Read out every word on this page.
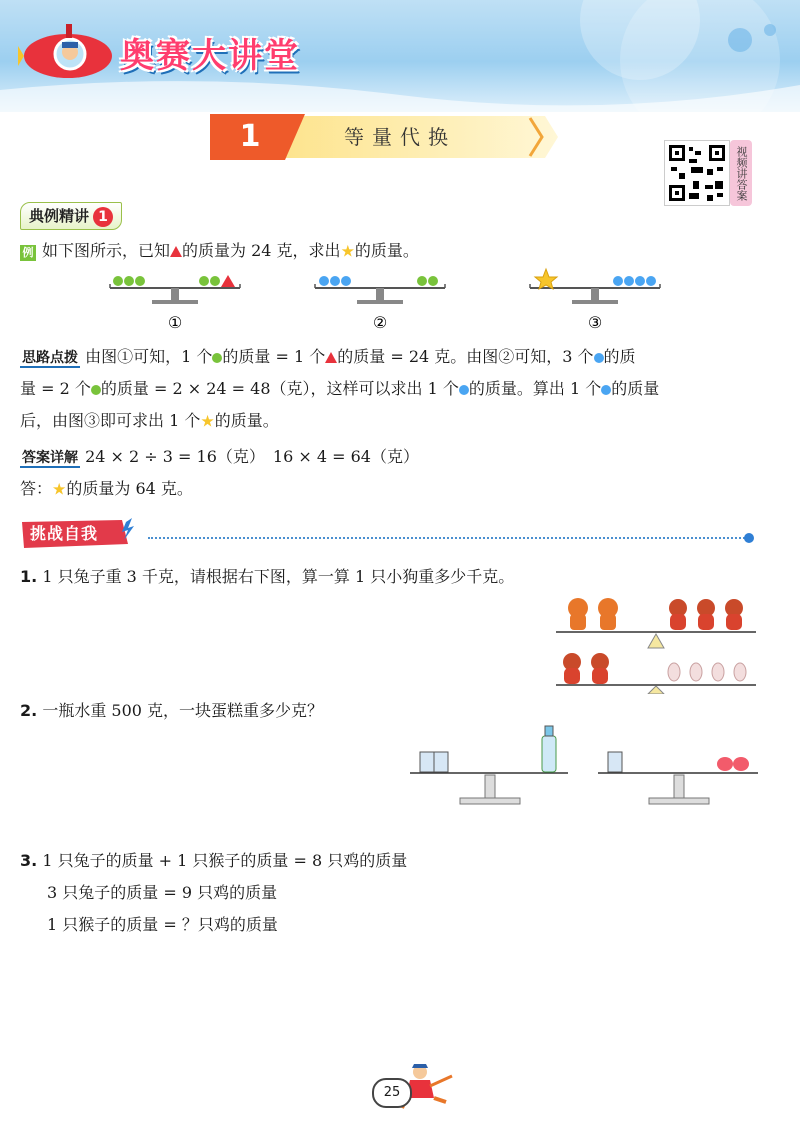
奥赛大讲堂
1	等量代换
视频讲答案
典例精讲 1
例 如下图所示，已知 的质量为 24 克，求出★的质量。
①	②	③
思路点拨 由图①可知，1 个 的质量 = 1 个 的质量 = 24 克。由图②可知，3 个 的质
量 = 2 个 的质量 = 2 × 24 = 48（克），这样可以求出 1 个 的质量。算出 1 个 的质量
后，由图③即可求出 1 个★的质量。
答案详解 24 × 2 ÷ 3 = 16（克）　16 × 4 = 64（克）
答：★的质量为 64 克。
挑战自我
1. 1 只兔子重 3 千克，请根据右下图，算一算 1 只小狗重多少千克。
2. 一瓶水重 500 克，一块蛋糕重多少克？
3. 1 只兔子的质量 + 1 只猴子的质量 = 8 只鸡的质量
3 只兔子的质量 = 9 只鸡的质量
1 只猴子的质量 = ？只鸡的质量
25
